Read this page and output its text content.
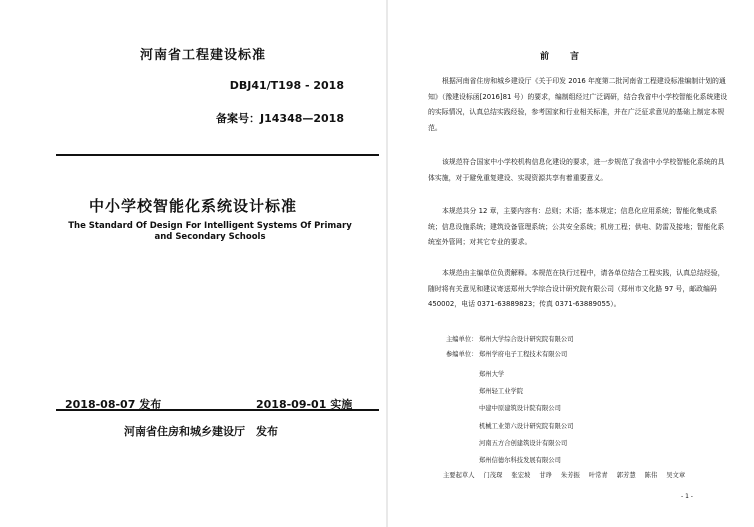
河南省工程建设标准

DBJ41/T198 - 2018

备案号：J14348—2018

中小学校智能化系统设计标准

The Standard Of Design For Intelligent Systems Of Primary and Secondary Schools

2018-08-07 发布	2018-09-01 实施

河南省住房和城乡建设厅　发布

前　言

根据河南省住房和城乡建设厅《关于印发 2016 年度第二批河南省工程建设标准编制计划的通知》（豫建设标函[2016]81 号）的要求，编制组经过广泛调研，结合我省中小学校智能化系统建设的实际情况，认真总结实践经验，参考国家和行业相关标准，并在广泛征求意见的基础上制定本规范。

该规范符合国家中小学校机构信息化建设的要求，进一步规范了我省中小学校智能化系统的具体实施，对于避免重复建设、实现资源共享有着重要意义。

本规范共分 12 章，主要内容有：总则；术语；基本规定；信息化应用系统；智能化集成系统；信息设施系统；建筑设备管理系统；公共安全系统；机房工程；供电、防雷及接地；智能化系统室外管网；对其它专业的要求。

本规范由主编单位负责解释。本规范在执行过程中，请各单位结合工程实践，认真总结经验，随时将有关意见和建议寄送郑州大学综合设计研究院有限公司（郑州市文化路 97 号，邮政编码 450002，电话 0371-63889823；传真 0371-63889055）。

主编单位： 郑州大学综合设计研究院有限公司
参编单位： 郑州学府电子工程技术有限公司
郑州大学
郑州轻工业学院
中建中原建筑设计院有限公司
机械工业第六设计研究院有限公司
河南五方合创建筑设计有限公司
郑州信德尔科技发展有限公司

主要起草人 门茂琛 张宏坡 甘琤 朱芳振 叶常青 郭芳慧 陈伟 吴文章

- 1 -
